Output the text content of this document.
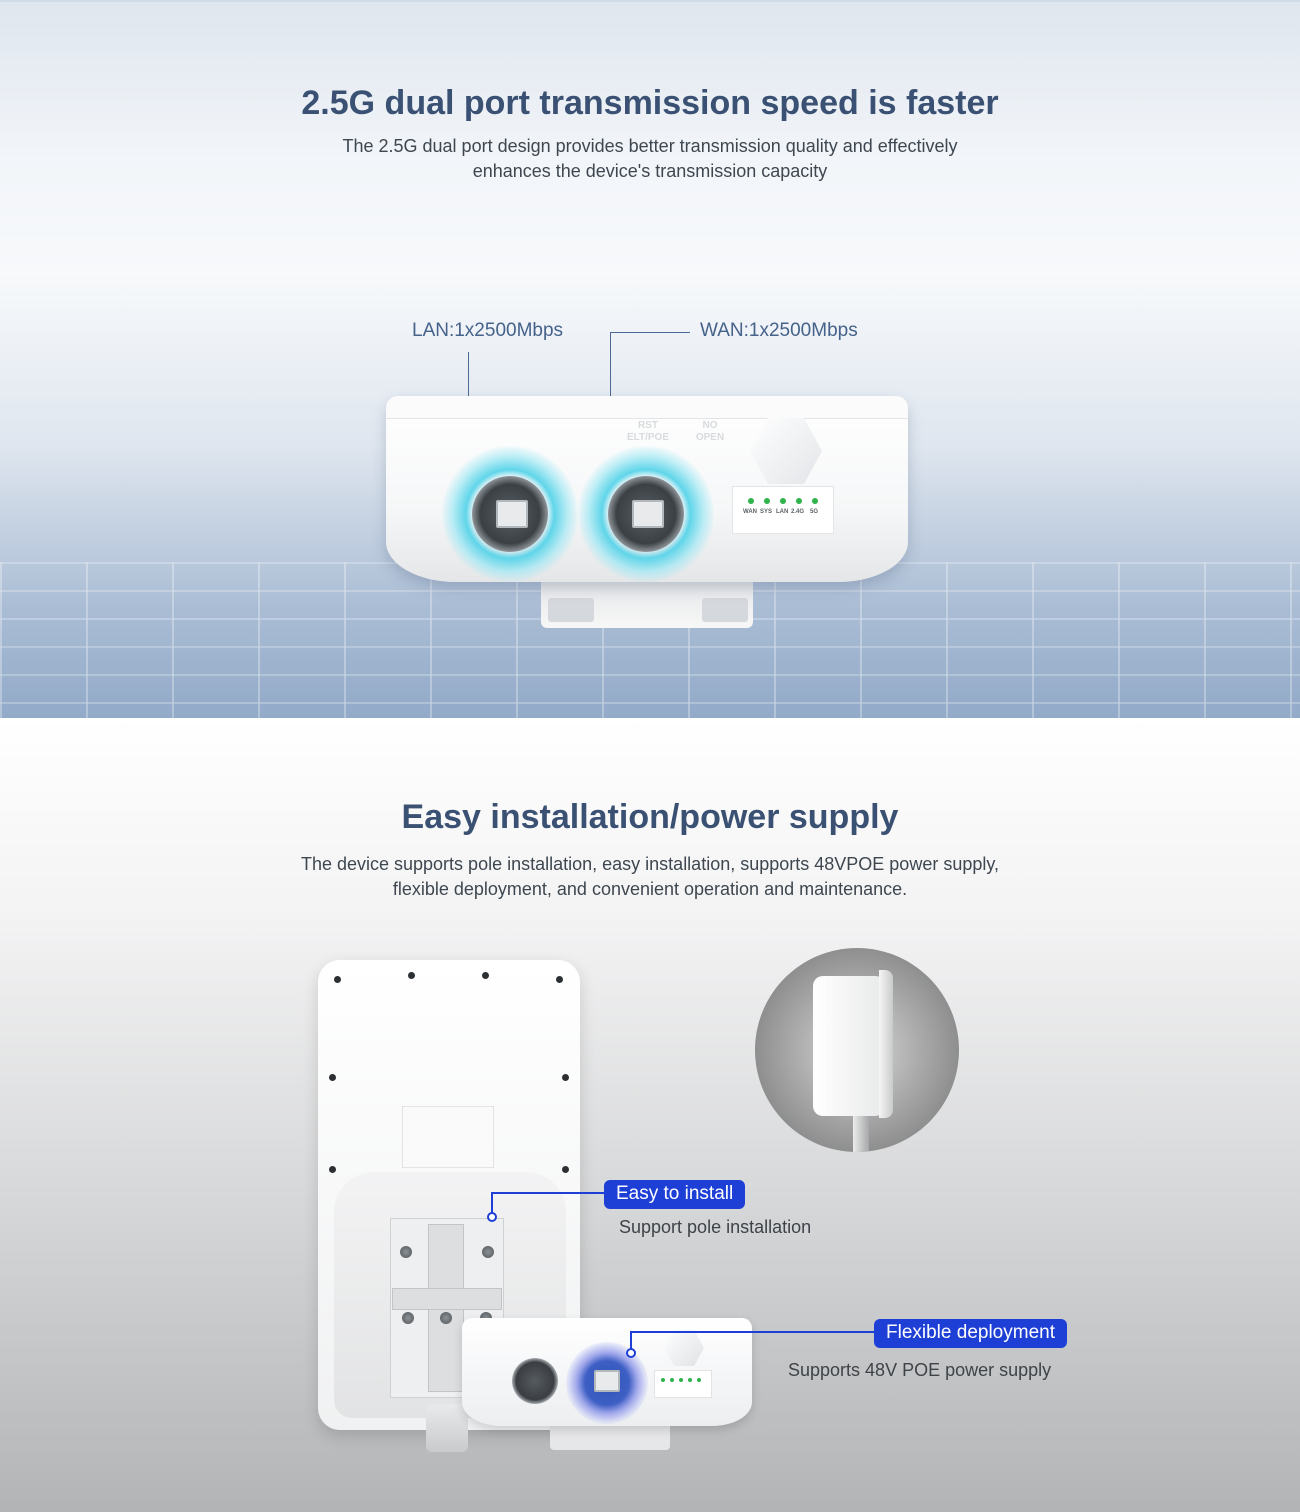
2.5G dual port transmission speed is faster

The 2.5G dual port design provides better transmission quality and effectively enhances the device's transmission capacity

LAN:1x2500Mbps	WAN:1x2500Mbps
RST
ELT/POE
NO
OPEN
WAN SYS LAN 2.4G 5G
Easy installation/power supply

The device supports pole installation, easy installation, supports 48VPOE power supply, flexible deployment, and convenient operation and maintenance.

Easy to install
Support pole installation
Flexible deployment
Supports 48V POE power supply
